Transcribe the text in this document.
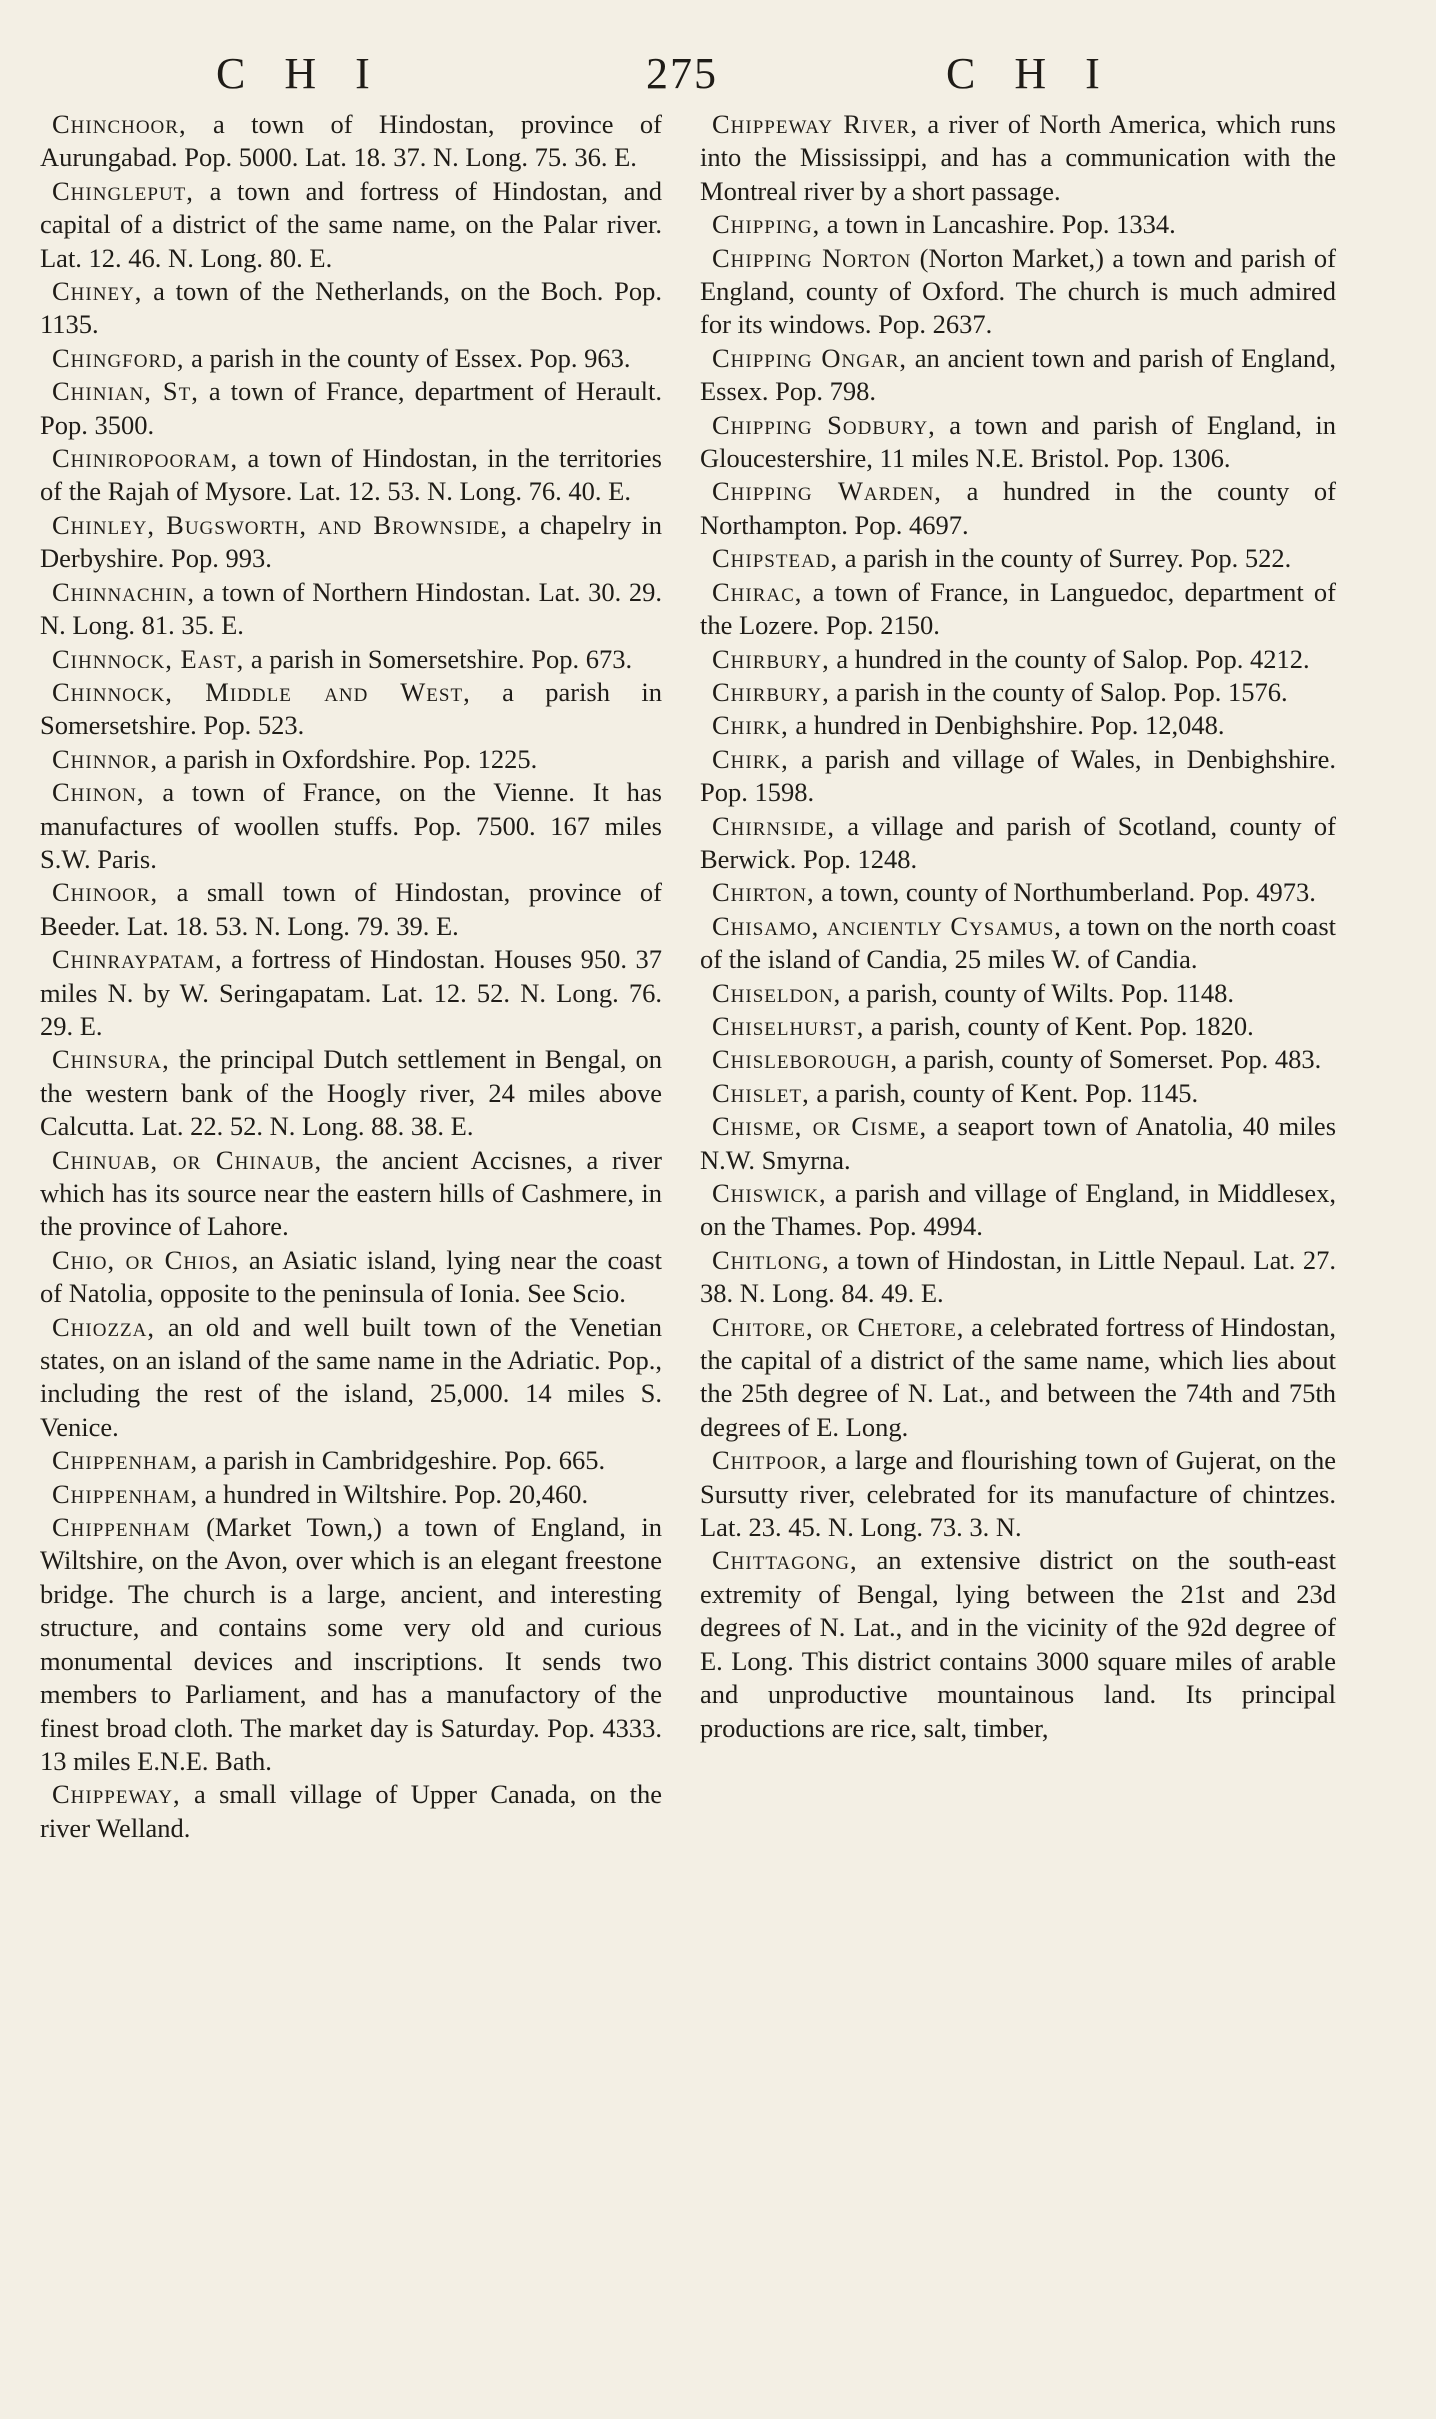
C H I	275	C H I

Chinchoor, a town of Hindostan, province of Aurungabad. Pop. 5000. Lat. 18. 37. N. Long. 75. 36. E.

Chingleput, a town and fortress of Hindostan, and capital of a district of the same name, on the Palar river. Lat. 12. 46. N. Long. 80. E.

Chiney, a town of the Netherlands, on the Boch. Pop. 1135.

Chingford, a parish in the county of Essex. Pop. 963.

Chinian, St, a town of France, department of Herault. Pop. 3500.

Chiniropooram, a town of Hindostan, in the territories of the Rajah of Mysore. Lat. 12. 53. N. Long. 76. 40. E.

Chinley, Bugsworth, and Brownside, a chapelry in Derbyshire. Pop. 993.

Chinnachin, a town of Northern Hindostan. Lat. 30. 29. N. Long. 81. 35. E.

Cihnnock, East, a parish in Somersetshire. Pop. 673.

Chinnock, Middle and West, a parish in Somersetshire. Pop. 523.

Chinnor, a parish in Oxfordshire. Pop. 1225.

Chinon, a town of France, on the Vienne. It has manufactures of woollen stuffs. Pop. 7500. 167 miles S.W. Paris.

Chinoor, a small town of Hindostan, province of Beeder. Lat. 18. 53. N. Long. 79. 39. E.

Chinraypatam, a fortress of Hindostan. Houses 950. 37 miles N. by W. Seringapatam. Lat. 12. 52. N. Long. 76. 29. E.

Chinsura, the principal Dutch settlement in Bengal, on the western bank of the Hoogly river, 24 miles above Calcutta. Lat. 22. 52. N. Long. 88. 38. E.

Chinuab, or Chinaub, the ancient Accisnes, a river which has its source near the eastern hills of Cashmere, in the province of Lahore.

Chio, or Chios, an Asiatic island, lying near the coast of Natolia, opposite to the peninsula of Ionia. See Scio.

Chiozza, an old and well built town of the Venetian states, on an island of the same name in the Adriatic. Pop., including the rest of the island, 25,000. 14 miles S. Venice.

Chippenham, a parish in Cambridgeshire. Pop. 665.

Chippenham, a hundred in Wiltshire. Pop. 20,460.

Chippenham (Market Town,) a town of England, in Wiltshire, on the Avon, over which is an elegant freestone bridge. The church is a large, ancient, and interesting structure, and contains some very old and curious monumental devices and inscriptions. It sends two members to Parliament, and has a manufactory of the finest broad cloth. The market day is Saturday. Pop. 4333. 13 miles E.N.E. Bath.

Chippeway, a small village of Upper Canada, on the river Welland.

Chippeway River, a river of North America, which runs into the Mississippi, and has a communication with the Montreal river by a short passage.

Chipping, a town in Lancashire. Pop. 1334.

Chipping Norton (Norton Market,) a town and parish of England, county of Oxford. The church is much admired for its windows. Pop. 2637.

Chipping Ongar, an ancient town and parish of England, Essex. Pop. 798.

Chipping Sodbury, a town and parish of England, in Gloucestershire, 11 miles N.E. Bristol. Pop. 1306.

Chipping Warden, a hundred in the county of Northampton. Pop. 4697.

Chipstead, a parish in the county of Surrey. Pop. 522.

Chirac, a town of France, in Languedoc, department of the Lozere. Pop. 2150.

Chirbury, a hundred in the county of Salop. Pop. 4212.

Chirbury, a parish in the county of Salop. Pop. 1576.

Chirk, a hundred in Denbighshire. Pop. 12,048.

Chirk, a parish and village of Wales, in Denbighshire. Pop. 1598.

Chirnside, a village and parish of Scotland, county of Berwick. Pop. 1248.

Chirton, a town, county of Northumberland. Pop. 4973.

Chisamo, anciently Cysamus, a town on the north coast of the island of Candia, 25 miles W. of Candia.

Chiseldon, a parish, county of Wilts. Pop. 1148.

Chiselhurst, a parish, county of Kent. Pop. 1820.

Chisleborough, a parish, county of Somerset. Pop. 483.

Chislet, a parish, county of Kent. Pop. 1145.

Chisme, or Cisme, a seaport town of Anatolia, 40 miles N.W. Smyrna.

Chiswick, a parish and village of England, in Middlesex, on the Thames. Pop. 4994.

Chitlong, a town of Hindostan, in Little Nepaul. Lat. 27. 38. N. Long. 84. 49. E.

Chitore, or Chetore, a celebrated fortress of Hindostan, the capital of a district of the same name, which lies about the 25th degree of N. Lat., and between the 74th and 75th degrees of E. Long.

Chitpoor, a large and flourishing town of Gujerat, on the Sursutty river, celebrated for its manufacture of chintzes. Lat. 23. 45. N. Long. 73. 3. N.

Chittagong, an extensive district on the south-east extremity of Bengal, lying between the 21st and 23d degrees of N. Lat., and in the vicinity of the 92d degree of E. Long. This district contains 3000 square miles of arable and unproductive mountainous land. Its principal productions are rice, salt, timber,
